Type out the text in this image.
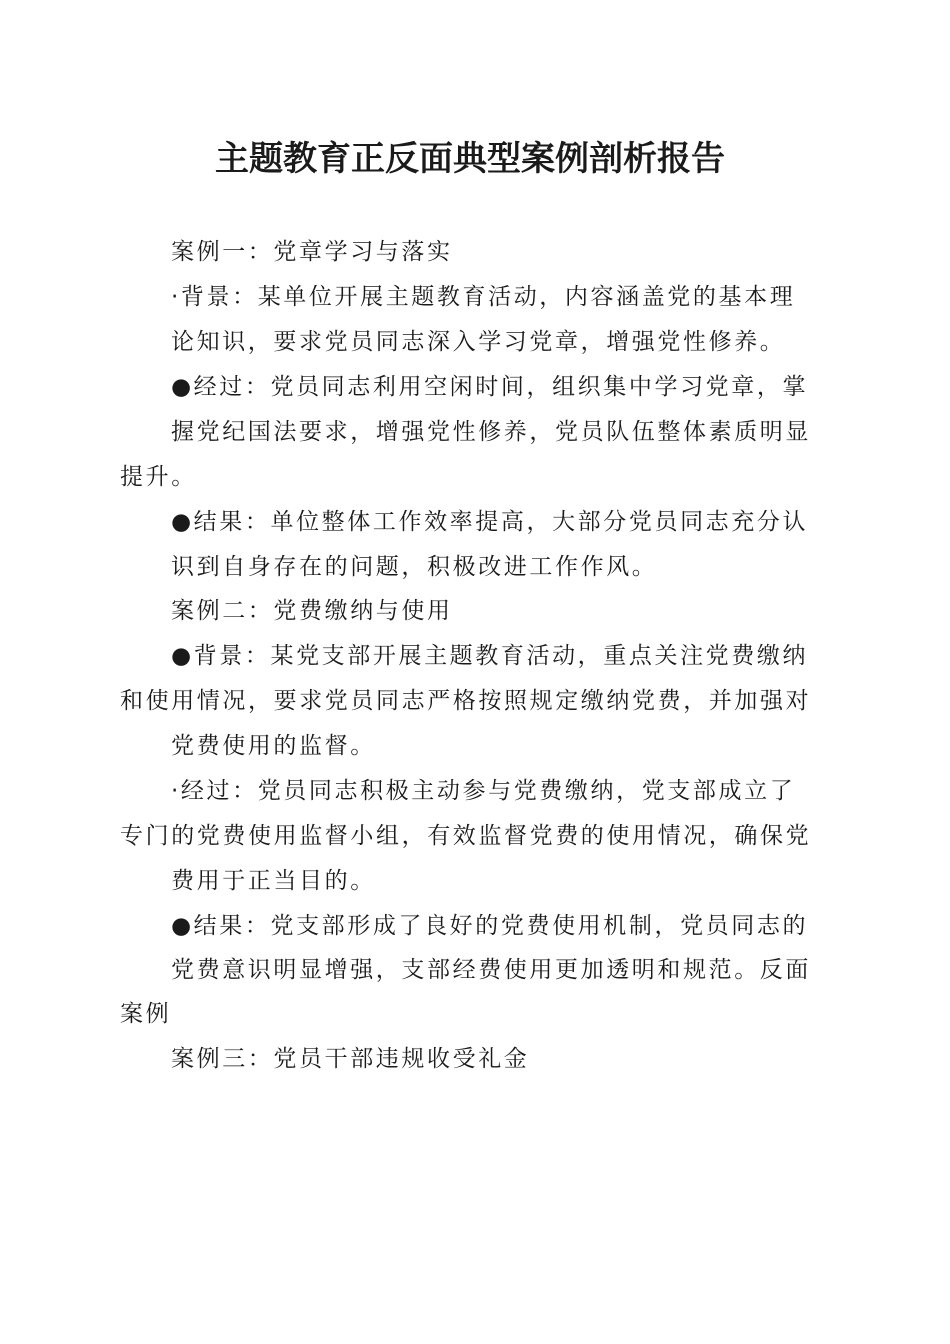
主题教育正反面典型案例剖析报告

案例一：党章学习与落实

·背景：某单位开展主题教育活动，内容涵盖党的基本理

论知识，要求党员同志深入学习党章，增强党性修养。

●经过：党员同志利用空闲时间，组织集中学习党章，掌

握党纪国法要求，增强党性修养，党员队伍整体素质明显

提升。

●结果：单位整体工作效率提高，大部分党员同志充分认

识到自身存在的问题，积极改进工作作风。

案例二：党费缴纳与使用

●背景：某党支部开展主题教育活动，重点关注党费缴纳

和使用情况，要求党员同志严格按照规定缴纳党费，并加强对

党费使用的监督。

·经过：党员同志积极主动参与党费缴纳，党支部成立了

专门的党费使用监督小组，有效监督党费的使用情况，确保党

费用于正当目的。

●结果：党支部形成了良好的党费使用机制，党员同志的

党费意识明显增强，支部经费使用更加透明和规范。反面

案例

案例三：党员干部违规收受礼金
